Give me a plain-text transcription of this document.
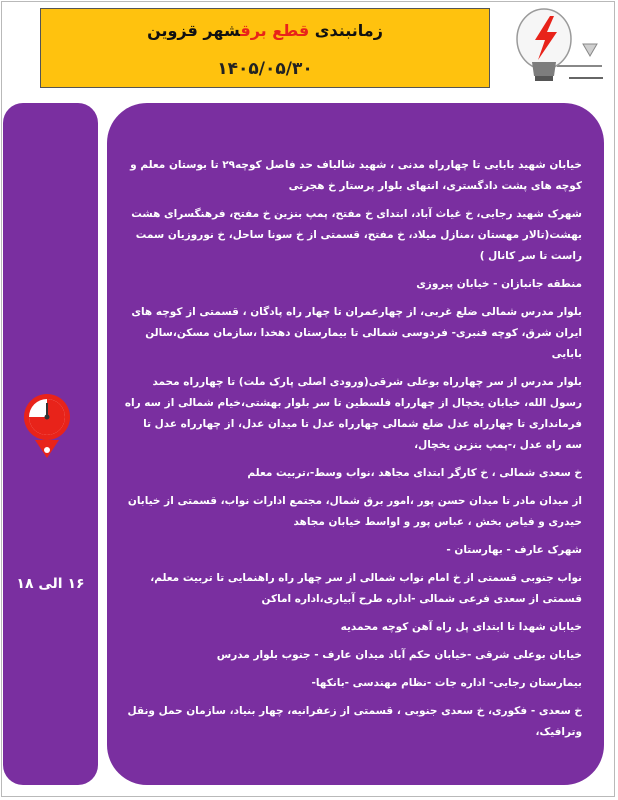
زمانبندی قطع برقشهر قزوین
۱۴۰۵/۰۵/۳۰
۱۶ الی ۱۸

خیابان شهید بابایی تا چهارراه مدنی ، شهید شالباف حد فاصل کوچه۲۹ تا بوستان معلم و کوچه های پشت دادگستری، انتهای بلوار پرستار خ هجرتی

شهرک شهید رجایی، خ غیاث آباد، ابتدای خ مفتح، پمپ بنزین خ مفتح، فرهنگسرای هشت بهشت(تالار مهستان ،منازل میلاد، خ مفتح، قسمتی از خ سونا ساحل، خ نوروزیان سمت راست تا سر کانال )

منطقه جانبازان - خیابان پیروزی

بلوار مدرس شمالی ضلع غربی، از چهارعمران تا چهار راه پادگان ، قسمتی از کوچه های ایران شرق، کوچه فنبری- فردوسی شمالی تا بیمارستان دهخدا ،سازمان مسکن،سالن بابایی

بلوار مدرس از سر چهارراه بوعلی شرقی(ورودی اصلی پارک ملت) تا چهارراه محمد رسول الله، خیابان یخچال از چهارراه فلسطین تا سر بلوار بهشتی،خیام شمالی از سه راه فرمانداری تا چهارراه عدل ضلع شمالی چهارراه عدل تا میدان عدل، از چهارراه عدل تا سه راه عدل ،-پمپ بنزین یخچال،

خ سعدی شمالی ، خ کارگر ابتدای مجاهد ،نواب وسط-،تربیت معلم

از میدان مادر تا میدان حسن پور ،امور برق شمال، مجتمع ادارات نواب، قسمتی از خیابان حیدری و فیاض بخش ، عباس پور و اواسط خیابان مجاهد

شهرک عارف - بهارستان -

نواب جنوبی قسمتی از خ امام نواب شمالی از سر چهار راه راهنمایی تا تربیت معلم، قسمتی از سعدی فرعی شمالی -اداره طرح آبیاری،اداره اماکن

خیابان شهدا تا ابتدای پل راه آهن کوچه محمدیه

خیابان بوعلی شرقی -خیابان حکم آباد میدان عارف - جنوب بلوار مدرس

بیمارستان رجایی- اداره جات -نظام مهندسی -بانکها-

خ سعدی - فکوری، خ سعدی جنوبی ، قسمتی از زعفرانیه، چهار بنیاد، سازمان حمل ونقل وترافیک،
